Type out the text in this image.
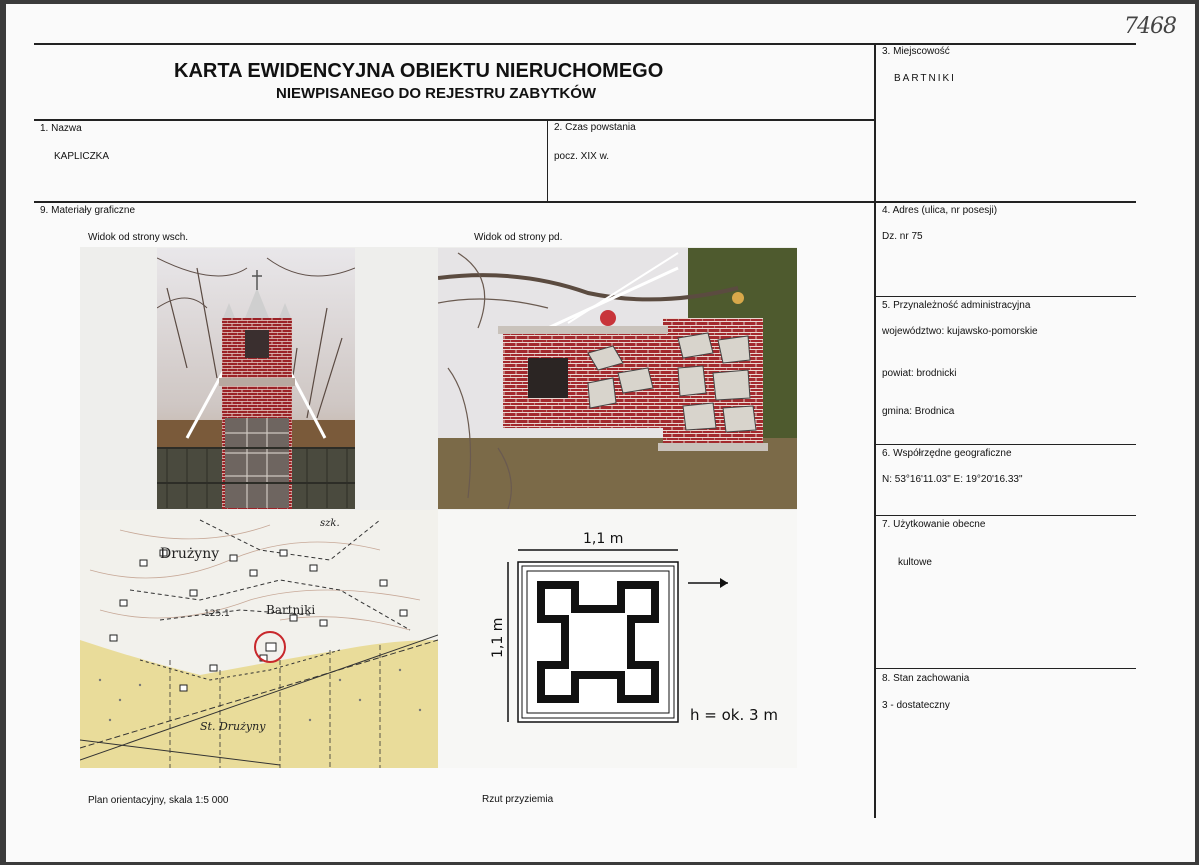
7468
KARTA EWIDENCYJNA OBIEKTU NIERUCHOMEGO
NIEWPISANEGO DO REJESTRU ZABYTKÓW
1. Nazwa
KAPLICZKA
2. Czas powstania
pocz. XIX w.
3. Miejscowość
BARTNIKI
4. Adres (ulica, nr posesji)
Dz. nr 75
5. Przynależność administracyjna
województwo: kujawsko-pomorskie
powiat: brodnicki
gmina: Brodnica
6. Współrzędne geograficzne
N: 53°16'11.03" E: 19°20'16.33"
7. Użytkowanie obecne
kultowe
8. Stan zachowania
3 - dostateczny
9. Materiały graficzne
Widok od strony wsch.	Widok od strony pd.
Drużyny
Bartniki
125.1
szk.
St. Drużyny
1,1 m
1,1 m
h = ok. 3 m
Plan orientacyjny, skala 1:5 000	Rzut przyziemia
